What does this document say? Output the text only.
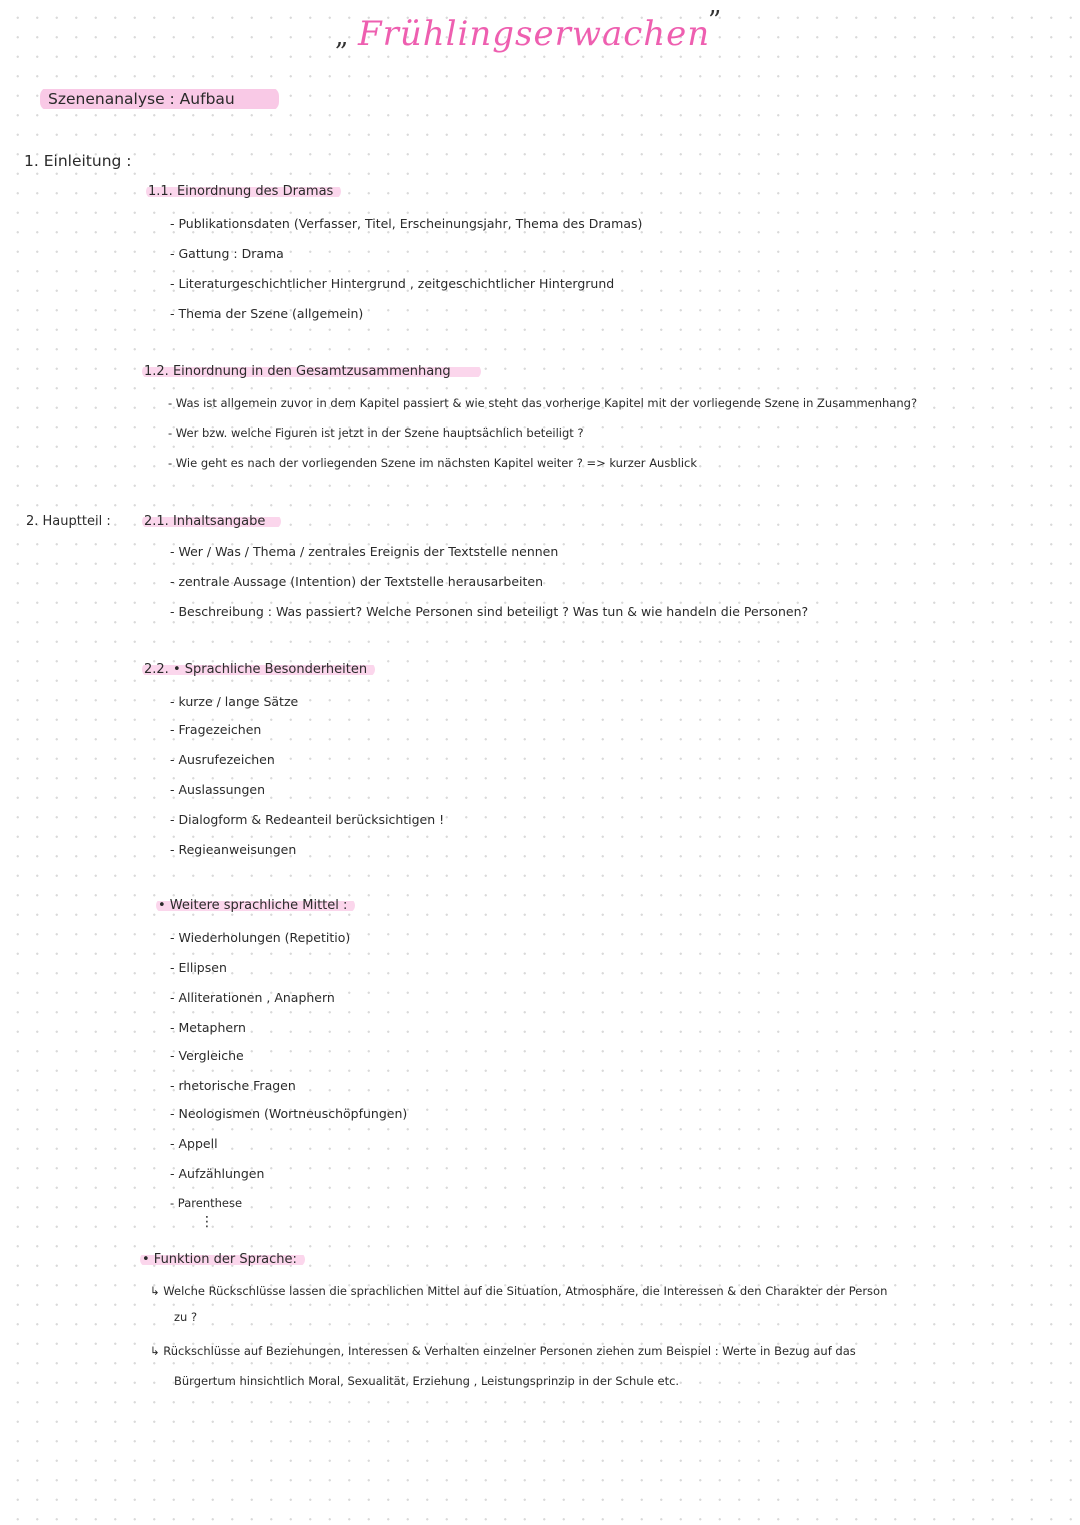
„ Frühlingserwachen
”
Szenenanalyse : Aufbau
1. Einleitung :
1.1. Einordnung des Dramas
- Publikationsdaten (Verfasser, Titel, Erscheinungsjahr, Thema des Dramas)
- Gattung : Drama
- Literaturgeschichtlicher Hintergrund , zeitgeschichtlicher Hintergrund
- Thema der Szene (allgemein)
1.2. Einordnung in den Gesamtzusammenhang
- Was ist allgemein zuvor in dem Kapitel passiert & wie steht das vorherige Kapitel mit der vorliegende Szene in Zusammenhang?
- Wer bzw. welche Figuren ist jetzt in der Szene hauptsächlich beteiligt ?
- Wie geht es nach der vorliegenden Szene im nächsten Kapitel weiter ? => kurzer Ausblick
2. Hauptteil :	2.1. Inhaltsangabe
- Wer / Was / Thema / zentrales Ereignis der Textstelle nennen
- zentrale Aussage (Intention) der Textstelle herausarbeiten
- Beschreibung : Was passiert? Welche Personen sind beteiligt ? Was tun & wie handeln die Personen?
2.2. • Sprachliche Besonderheiten
- kurze / lange Sätze
- Fragezeichen
- Ausrufezeichen
- Auslassungen
- Dialogform & Redeanteil berücksichtigen !
- Regieanweisungen
• Weitere sprachliche Mittel :
- Wiederholungen (Repetitio)
- Ellipsen
- Alliterationen , Anaphern
- Metaphern
- Vergleiche
- rhetorische Fragen
- Neologismen (Wortneuschöpfungen)
- Appell
- Aufzählungen
- Parenthese
⋮
• Funktion der Sprache:
↳ Welche Rückschlüsse lassen die sprachlichen Mittel auf die Situation, Atmosphäre, die Interessen & den Charakter der Person
zu ?
↳ Rückschlüsse auf Beziehungen, Interessen & Verhalten einzelner Personen ziehen zum Beispiel : Werte in Bezug auf das
Bürgertum hinsichtlich Moral, Sexualität, Erziehung , Leistungsprinzip in der Schule etc.
